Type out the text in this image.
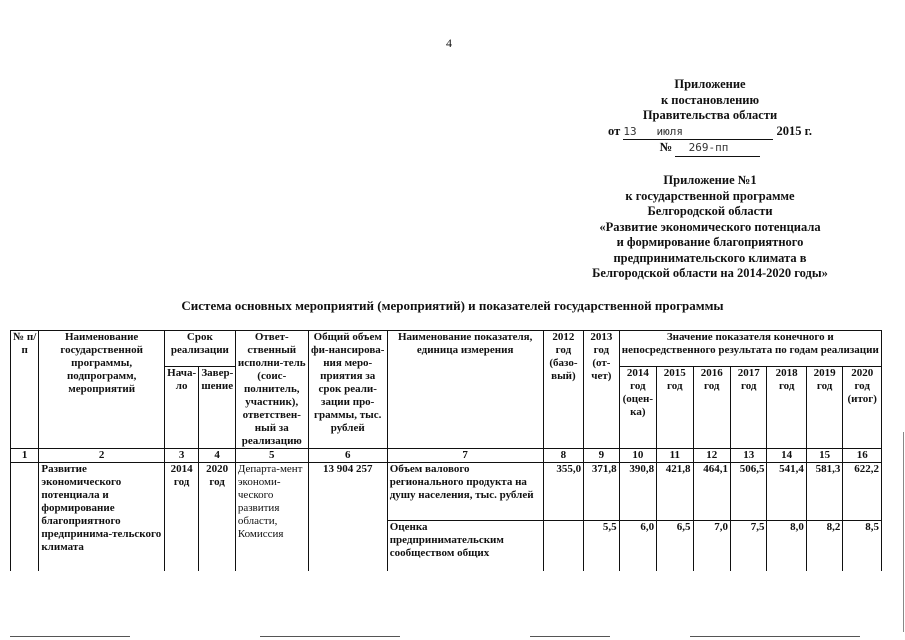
4
Приложение
к постановлению
Правительства области
от 13 июля	2015 г.
№ 269-пп
Приложение №1
к государственной программе
Белгородской области
«Развитие экономического потенциала
и формирование благоприятного
предпринимательского климата в
Белгородской области на 2014-2020 годы»
Система основных мероприятий (мероприятий) и показателей государственной программы
№ п/п	Наименование государственной программы, подпрограмм, мероприятий	Срок реализации		Ответ-ственный исполни-тель (соис-полнитель, участник), ответствен-ный за реализацию	Общий объем фи-нансирова-ния меро-приятия за срок реали-зации про-граммы, тыс. рублей	Наименование показателя, единица измерения	2012 год (базо-вый)	2013 год (от-чет)	Значение показателя конечного и непосредственного результата по годам реализации						
		Нача-ло	Завер-шение						2014 год (оцен-ка)	2015 год	2016 год	2017 год	2018 год	2019 год	2020 год (итог)
1	2	3	4	5	6	7	8	9	10	11	12	13	14	15	16
	Развитие экономического потенциала и формирование благоприятного предпринима-тельского климата	2014 год	2020 год	Департа-мент экономи-ческого развития области, Комиссия	13 904 257	Объем валового регионального продукта на душу населения, тыс. рублей	355,0	371,8	390,8	421,8	464,1	506,5	541,4	581,3	622,2
						Оценка предпринимательским сообществом общих		5,5	6,0	6,5	7,0	7,5	8,0	8,2	8,5
